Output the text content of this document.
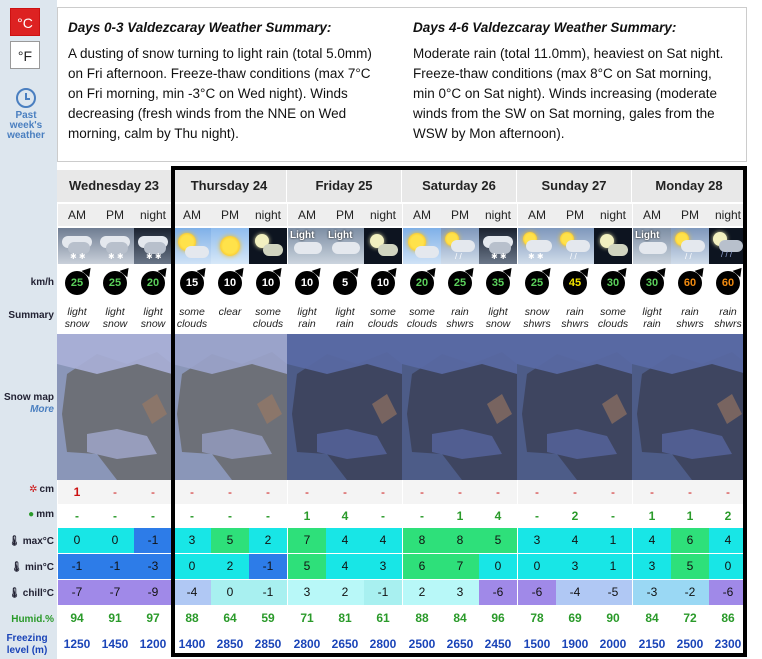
°C
°F
Past
week's
weather
km/h
Summary
Snow map
More
✲ cm
● mm
🌡 max°C
🌡 min°C
🌡 chill°C
Humid.%
Freezing
level (m)
Days 0-3 Valdezcaray Weather Summary:

A dusting of snow turning to light rain (total 5.0mm) on Fri afternoon. Freeze-thaw conditions (max 7°C on Fri morning, min -3°C on Wed night). Winds decreasing (fresh winds from the NNE on Wed morning, calm by Thu night).

Days 4-6 Valdezcaray Weather Summary:

Moderate rain (total 11.0mm), heaviest on Sat night. Freeze-thaw conditions (max 8°C on Sat morning, min 0°C on Sat night). Winds increasing (moderate winds from the SW on Sat morning, gales from the WSW by Mon afternoon).

Wednesday 23
AM
✱ ✱
25
light
snow
1
-
0
-1
-7
94
1250
PM
✱ ✱
25
light
snow
-
-
0
-1
-7
91
1450
night
✱ ✱
20
light
snow
-
-
-1
-3
-9
97
1200
Thursday 24
AM
15
some
clouds
-
-
3
0
-4
88
1400
PM
10
clear
-
-
5
2
0
64
2850
night
10
some
clouds
-
-
2
-1
-1
59
2850
Friday 25
AM
Light
10
light
rain
-
1
7
5
3
71
2800
PM
Light
5
light
rain
-
4
4
4
2
81
2650
night
10
some
clouds
-
-
4
3
-1
61
2800
Saturday 26
AM
20
some
clouds
-
-
8
6
2
88
2500
PM
/ /
25
rain
shwrs
-
1
8
7
3
84
2650
night
✱ ✱
35
light
snow
-
4
5
0
-6
96
2450
Sunday 27
AM
✱ ✱
25
snow
shwrs
-
-
3
0
-6
78
1500
PM
/ /
45
rain
shwrs
-
2
4
3
-4
69
1900
night
30
some
clouds
-
-
1
1
-5
90
2000
Monday 28
AM
Light
30
light
rain
-
1
4
3
-3
84
2150
PM
/ /
60
rain
shwrs
-
1
6
5
-2
72
2500
night
/ / /
60
rain
shwrs
-
2
4
0
-6
86
2300
